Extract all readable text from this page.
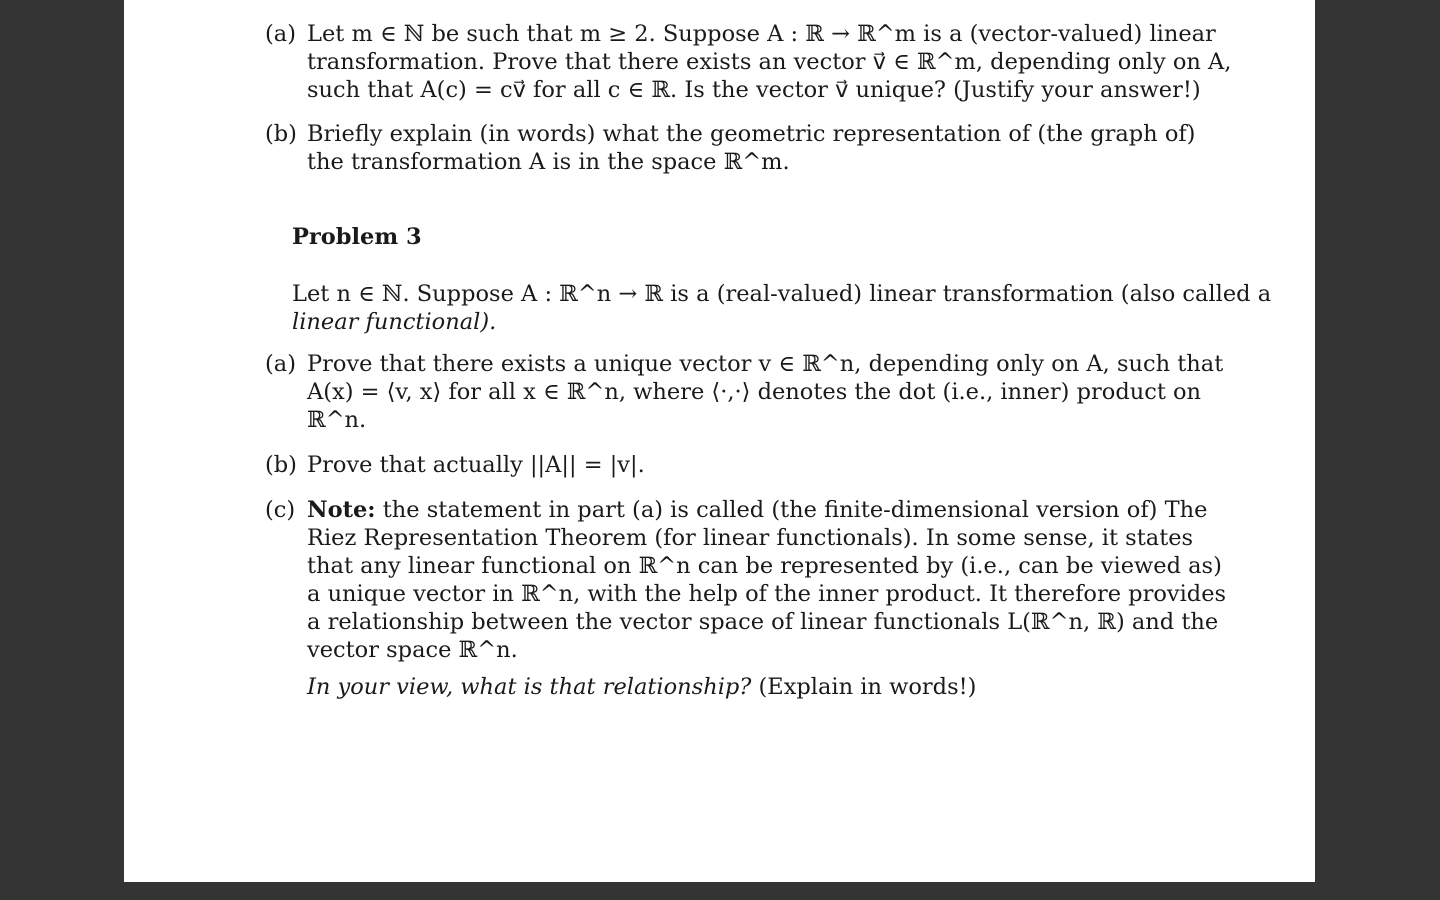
(a) Let m ∈ ℕ be such that m ≥ 2. Suppose A : ℝ → ℝ^m is a (vector-valued) linear
transformation. Prove that there exists an vector v⃗ ∈ ℝ^m, depending only on A,
such that A(c) = cv⃗ for all c ∈ ℝ. Is the vector v⃗ unique? (Justify your answer!)
(b) Briefly explain (in words) what the geometric representation of (the graph of)
the transformation A is in the space ℝ^m.
Problem 3
Let n ∈ ℕ. Suppose A : ℝ^n → ℝ is a (real-valued) linear transformation (also called a
linear functional).
(a) Prove that there exists a unique vector v ∈ ℝ^n, depending only on A, such that
A(x) = ⟨v, x⟩ for all x ∈ ℝ^n, where ⟨·,·⟩ denotes the dot (i.e., inner) product on
ℝ^n.
(b) Prove that actually ||A|| = |v|.
(c) Note: the statement in part (a) is called (the finite-dimensional version of) The
Riez Representation Theorem (for linear functionals). In some sense, it states
that any linear functional on ℝ^n can be represented by (i.e., can be viewed as)
a unique vector in ℝ^n, with the help of the inner product. It therefore provides
a relationship between the vector space of linear functionals L(ℝ^n, ℝ) and the
vector space ℝ^n.
In your view, what is that relationship? (Explain in words!)
